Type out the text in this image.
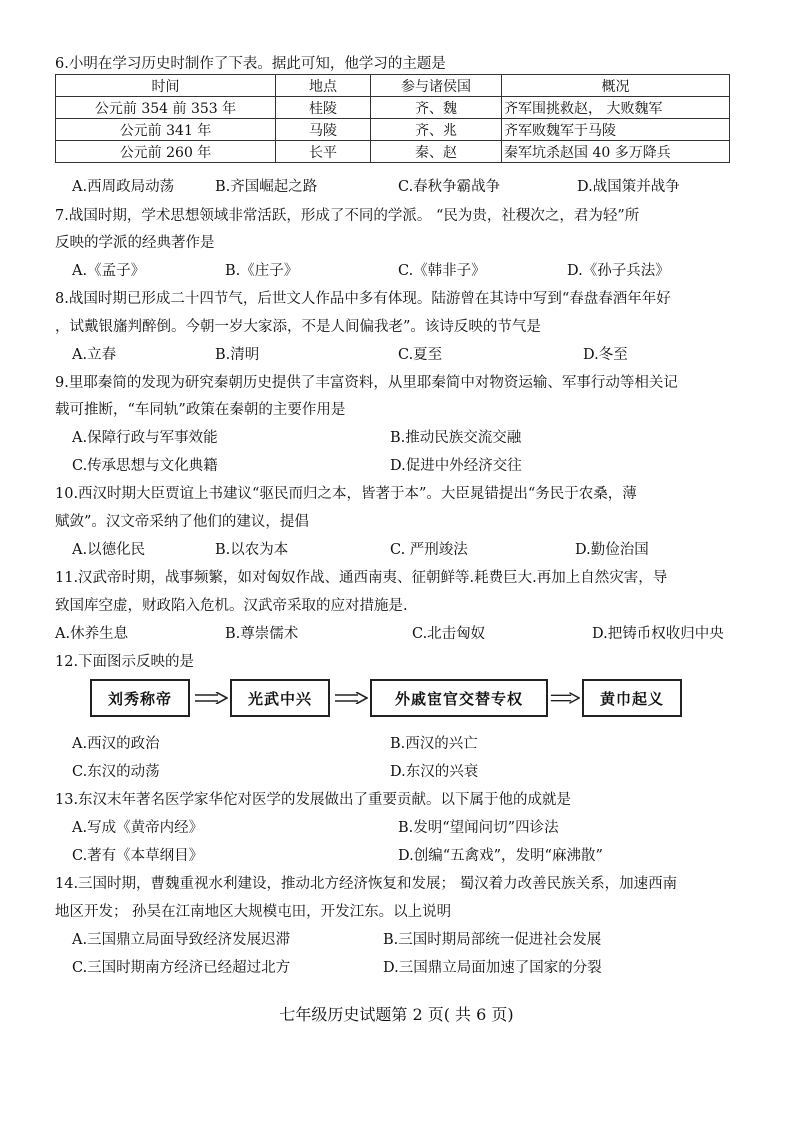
6.小明在学习历史时制作了下表。据此可知，他学习的主题是
时间	地点	参与诸侯国	概况
公元前 354 前 353 年	桂陵	齐、魏	齐军围挑救赵， 大败魏军
公元前 341 年	马陵	齐、兆	齐军败魏军于马陵
公元前 260 年	长平	秦、赵	秦军坑杀赵国 40 多万降兵
A.西周政局动荡	B.齐国崛起之路	C.春秋争霸战争	D.战国策并战争
7.战国时期，学术思想领域非常活跃，形成了不同的学派。 “民为贵，社稷次之，君为轻”所
反映的学派的经典著作是
A.《孟子》	B.《庄子》	C.《韩非子》	D.《孙子兵法》
8.战国时期已形成二十四节气，后世文人作品中多有体现。陆游曾在其诗中写到“春盘春酒年年好
，试戴银旛判醉倒。今朝一岁大家添，不是人间偏我老”。该诗反映的节气是
A.立春	B.清明	C.夏至	D.冬至
9.里耶秦简的发现为研究秦朝历史提供了丰富资料，从里耶秦简中对物资运输、军事行动等相关记
载可推断，“车同轨”政策在秦朝的主要作用是
A.保障行政与军事效能	B.推动民族交流交融
C.传承思想与文化典籍	D.促进中外经济交往
10.西汉时期大臣贾谊上书建议“驱民而归之本，皆著于本”。大臣晁错提出“务民于农桑，薄
赋敛”。汉文帝采纳了他们的建议，提倡
A.以德化民	B.以农为本	C. 严刑竣法	D.勤俭治国
11.汉武帝时期，战事频繁，如对匈奴作战、通西南夷、征朝鲜等.耗费巨大.再加上自然灾害，导
致国库空虚，财政陷入危机。汉武帝采取的应对措施是.
A.休养生息	B.尊崇儒术	C.北击匈奴	D.把铸币权收归中央
12.下面图示反映的是
刘秀称帝	光武中兴	外戚宦官交替专权	黄巾起义
A.西汉的政治	B.西汉的兴亡
C.东汉的动荡	D.东汉的兴衰
13.东汉末年著名医学家华佗对医学的发展做出了重要贡献。以下属于他的成就是
A.写成《黄帝内经》	B.发明“望闻问切”四诊法
C.著有《本草纲目》	D.创编“五禽戏”，发明“麻沸散”
14.三国时期，曹魏重视水利建设，推动北方经济恢复和发展； 蜀汉着力改善民族关系，加速西南
地区开发； 孙吴在江南地区大规模屯田，开发江东。以上说明
A.三国鼎立局面导致经济发展迟滞	B.三国时期局部统一促进社会发展
C.三国时期南方经济已经超过北方	D.三国鼎立局面加速了国家的分裂
七年级历史试题第 2 页( 共 6 页)
